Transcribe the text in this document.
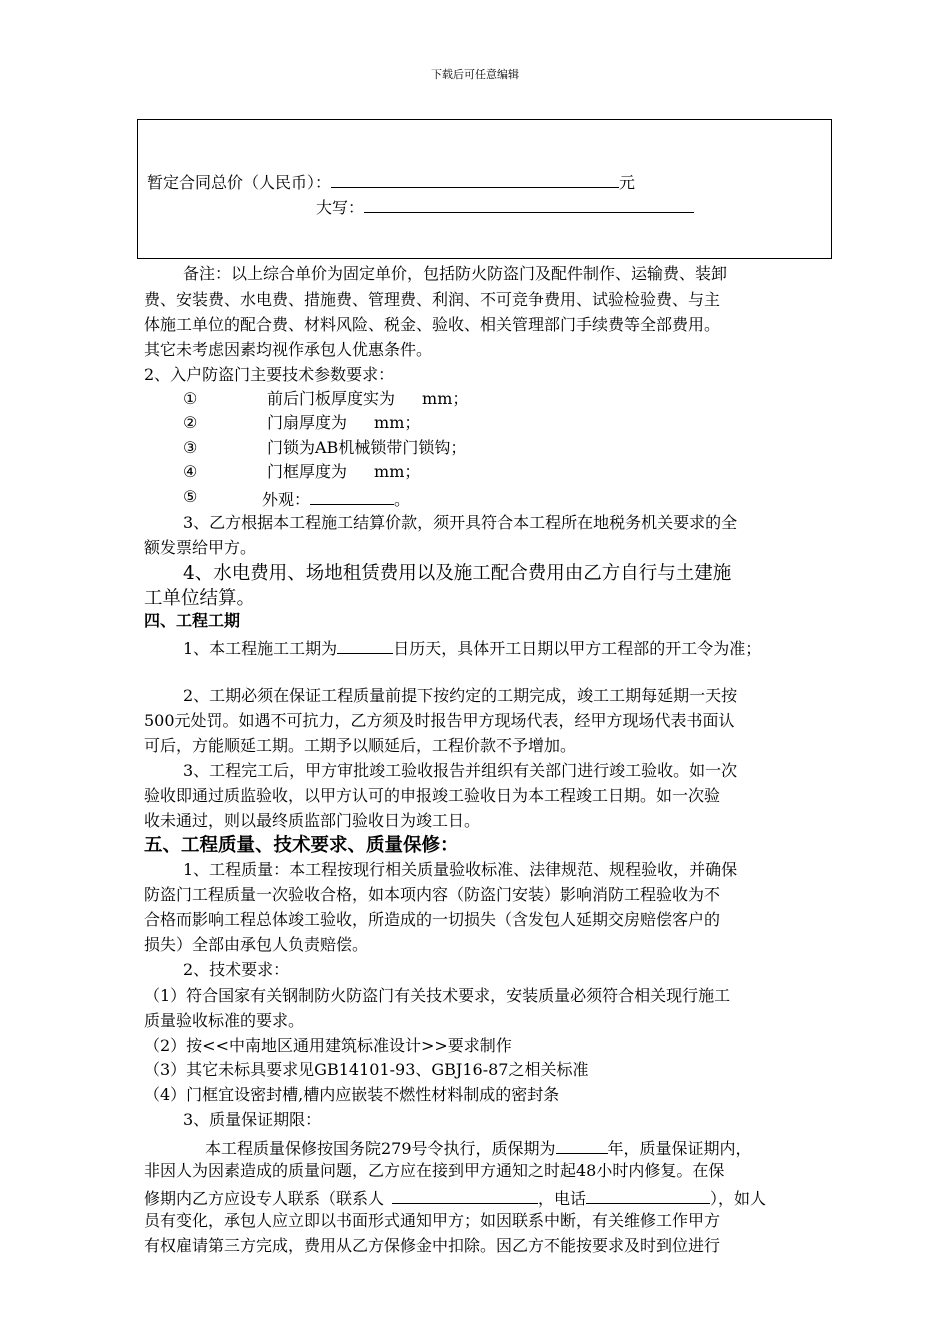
下载后可任意编辑
暂定合同总价（人民币）：	元
大写：
备注：以上综合单价为固定单价，包括防火防盗门及配件制作、运输费、装卸
费、安装费、水电费、措施费、管理费、利润、不可竞争费用、试验检验费、与主
体施工单位的配合费、材料风险、税金、验收、相关管理部门手续费等全部费用。
其它未考虑因素均视作承包人优惠条件。
2、入户防盗门主要技术参数要求：
①	前后门板厚度实为 mm；
②	门扇厚度为 mm；
③	门锁为AB机械锁带门锁钩；
④	门框厚度为 mm；
⑤	外观：	。
3、乙方根据本工程施工结算价款，须开具符合本工程所在地税务机关要求的全
额发票给甲方。
4、水电费用、场地租赁费用以及施工配合费用由乙方自行与土建施
工单位结算。
四、工程工期
1、本工程施工工期为	日历天，具体开工日期以甲方工程部的开工令为准；
2、工期必须在保证工程质量前提下按约定的工期完成，竣工工期每延期一天按
500元处罚。如遇不可抗力，乙方须及时报告甲方现场代表，经甲方现场代表书面认
可后，方能顺延工期。工期予以顺延后，工程价款不予增加。
3、工程完工后，甲方审批竣工验收报告并组织有关部门进行竣工验收。如一次
验收即通过质监验收，以甲方认可的申报竣工验收日为本工程竣工日期。如一次验
收未通过，则以最终质监部门验收日为竣工日。
五、工程质量、技术要求、质量保修：
1、工程质量：本工程按现行相关质量验收标准、法律规范、规程验收，并确保
防盗门工程质量一次验收合格，如本项内容（防盗门安装）影响消防工程验收为不
合格而影响工程总体竣工验收，所造成的一切损失（含发包人延期交房赔偿客户的
损失）全部由承包人负责赔偿。
2、技术要求：
（1）符合国家有关钢制防火防盗门有关技术要求，安装质量必须符合相关现行施工
质量验收标准的要求。
（2）按<<中南地区通用建筑标准设计>>要求制作
（3）其它未标具要求见GB14101-93、GBJ16-87之相关标准
（4）门框宜设密封槽,槽内应嵌装不燃性材料制成的密封条
3、质量保证期限：
本工程质量保修按国务院279号令执行，质保期为	年，质量保证期内，
非因人为因素造成的质量问题，乙方应在接到甲方通知之时起48小时内修复。在保
修期内乙方应设专人联系（联系人	，电话	），如人
员有变化，承包人应立即以书面形式通知甲方；如因联系中断，有关维修工作甲方
有权雇请第三方完成，费用从乙方保修金中扣除。因乙方不能按要求及时到位进行
